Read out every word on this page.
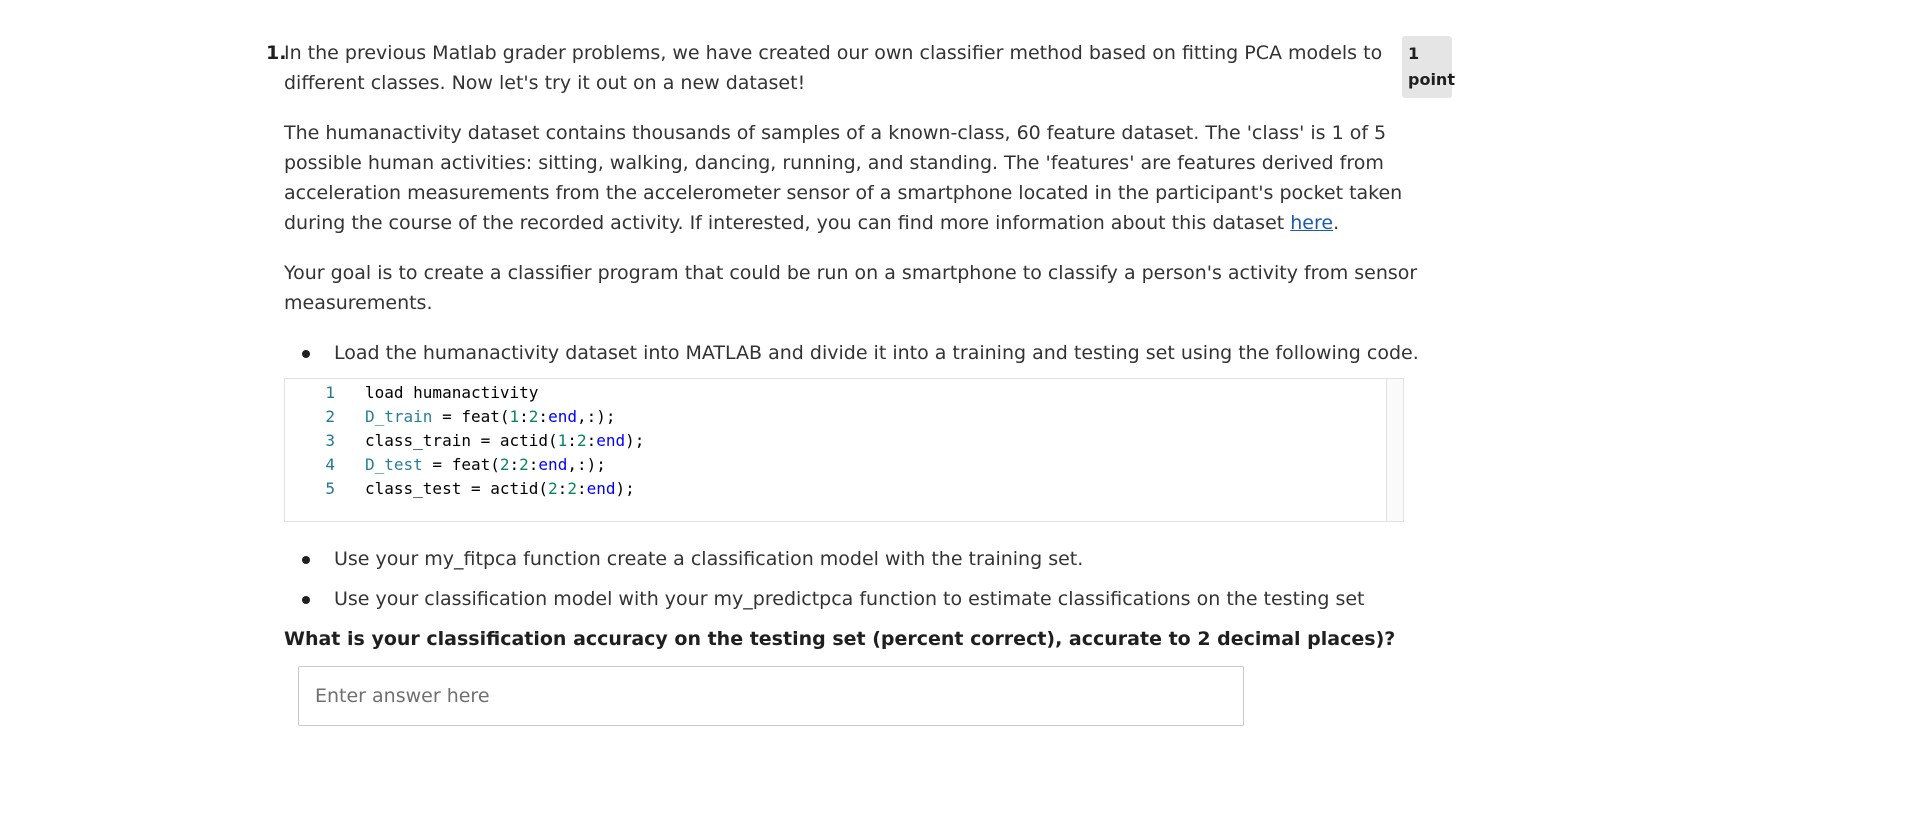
1.

In the previous Matlab grader problems, we have created our own classifier method based on fitting PCA models to different classes. Now let's try it out on a new dataset!

The humanactivity dataset contains thousands of samples of a known-class, 60 feature dataset. The 'class' is 1 of 5 possible human activities: sitting, walking, dancing, running, and standing. The 'features' are features derived from acceleration measurements from the accelerometer sensor of a smartphone located in the participant's pocket taken during the course of the recorded activity. If interested, you can find more information about this dataset here.

Your goal is to create a classifier program that could be run on a smartphone to classify a person's activity from sensor measurements.

Load the humanactivity dataset into MATLAB and divide it into a training and testing set using the following code.
1	load humanactivity
2	D_train = feat(1:2:end,:);
3	class_train = actid(1:2:end);
4	D_test = feat(2:2:end,:);
5	class_test = actid(2:2:end);
Use your my_fitpca function create a classification model with the training set.
Use your classification model with your my_predictpca function to estimate classifications on the testing set

What is your classification accuracy on the testing set (percent correct), accurate to 2 decimal places)?

1
point
Enter answer here
